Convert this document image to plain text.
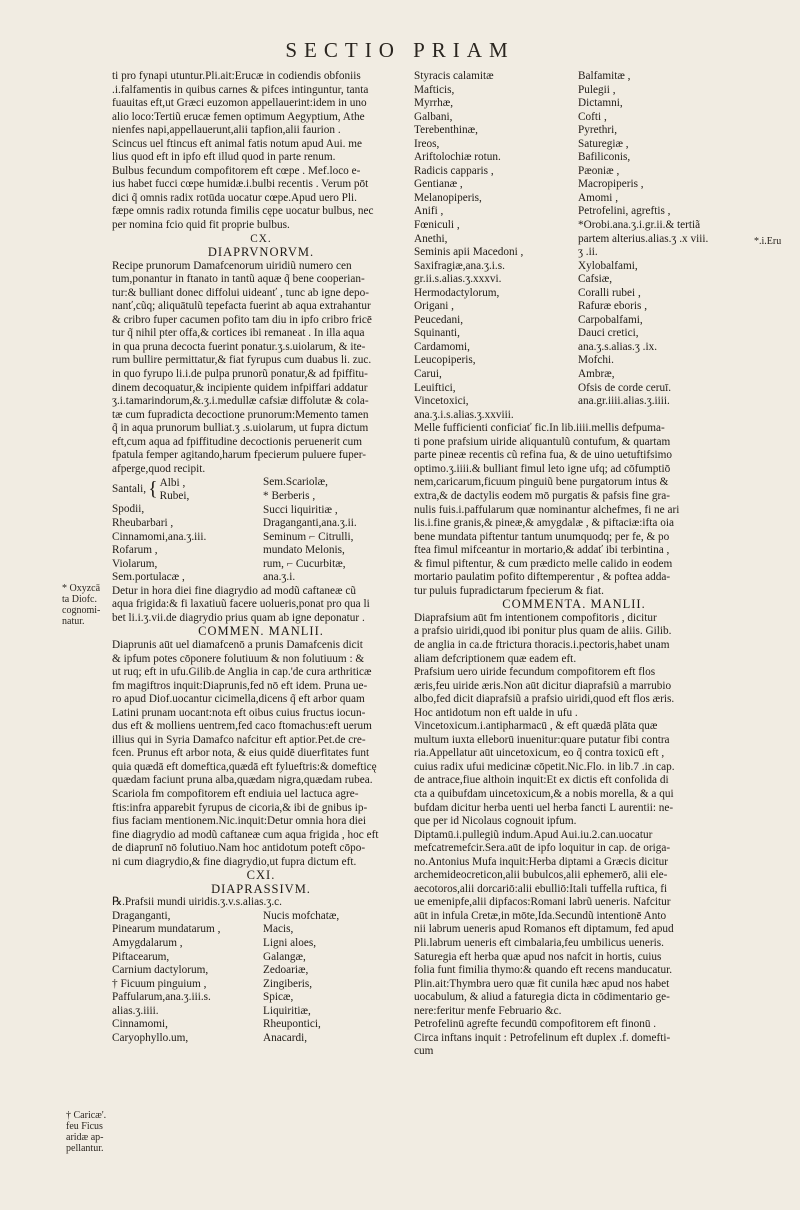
SECTIO PRIAM
ti pro fynapi utuntur.Pli.ait:Erucæ in codiendis obfoniis
.i.falfamentis in quibus carnes & pifces intinguntur, tanta
fuauitas eft,ut Græci euzomon appellauerint:idem in uno
alio loco:Tertiũ erucæ femen optimum Aegyptium, Athe
nienfes napi,appellauerunt,alii tapfion,alii faurion .
Scincus uel ftincus eft animal fatis notum apud Aui. me
lius quod eft in ipfo eft illud quod in parte renum.
Bulbus fecundum compofitorem eft cœpe . Mef.loco e-
ius habet fucci cœpe humidæ.i.bulbi recentis . Verum pōt
dici q̃ omnis radix rotūda uocatur cœpe.Apud uero Pli.
fæpe omnis radix rotunda fimilis cępe uocatur bulbus, nec
per nomina fcio quid fit proprie bulbus.
CX.
DIAPRVNORVM.
Recipe prunorum Damafcenorum uiridiũ numero cen
tum,ponantur in ftanato in tantũ aquæ q̃ bene cooperian-
tur:& bulliant donec diffolui uideanť , tunc ab igne depo-
nanť,cũq; aliquātulũ tepefacta fuerint ab aqua extrahantur
& cribro fuper cacumen pofito tam diu in ipfo cribro fricē
tur q̃ nihil pter offa,& cortices ibi remaneat . In illa aqua
in qua pruna decocta fuerint ponatur.ʒ.s.uiolarum, & ite-
rum bullire permittatur,& fiat fyrupus cum duabus li. zuc.
in quo fyrupo li.i.de pulpa prunorũ ponatur,& ad fpiffitu-
dinem decoquatur,& incipiente quidem infpiffari addatur
ʒ.i.tamarindorum,&.ʒ.i.medullæ cafsiæ diffolutæ & cola-
tæ cum fupradicta decoctione prunorum:Memento tamen
q̃ in aqua prunorum bulliat.ʒ .s.uiolarum, ut fupra dictum
eft,cum aqua ad fpiffitudine decoctionis peruenerit cum
fpatula femper agitando,harum fpecierum puluere fuper-
afperge,quod recipit.
Santali, { Albi ,
Rubei,
Spodii,
Rheubarbari ,
Cinnamomi,ana.ʒ.iii.
Rofarum ,
Violarum,
Sem.portulacæ ,
Sem.Scariolæ,
* Berberis ,
Succi liquiritiæ ,
Draganganti,ana.ʒ.ii.
Seminum ⌐ Citrulli,
mundato Melonis,
rum, ⌐ Cucurbitæ,
ana.ʒ.i.
Detur in hora diei fine diagrydio ad modũ caftaneæ cũ
aqua frigida:& fi laxatiuũ facere uolueris,ponat pro qua li
bet li.i.ʒ.vii.de diagrydio prius quam ab igne deponatur .
COMMEN. MANLII.
Diaprunis aūt uel diamafcenō a prunis Damafcenis dicit
& ipfum potes cōponere folutiuum & non folutiuum : &
ut ruq; eft in ufu.Gilib.de Anglia in cap.'de cura arthriticæ
fm magiftros inquit:Diaprunis,fed nō eft idem. Pruna ue-
ro apud Diof.uocantur cicimella,dicens q̃ eft arbor quam
Latini prunam uocant:nota eft oibus cuius fructus iocun-
dus eft & molliens uentrem,fed caco ftomachus:eft uerum
illius qui in Syria Damafco nafcitur eft aptior.Pet.de cre-
fcen. Prunus eft arbor nota, & eius quidē diuerfitates funt
quia quædā eft domeftica,quædā eft fylueftris:& domefticę
quædam faciunt pruna alba,quædam nigra,quædam rubea.
Scariola fm compofitorem eft endiuia uel lactuca agre-
ftis:infra apparebit fyrupus de cicoria,& ibi de gnibus ip-
fius faciam mentionem.Nic.inquit:Detur omnia hora diei
fine diagrydio ad modũ caftaneæ cum aqua frigida , hoc eft
de diaprunī nō folutiuo.Nam hoc antidotum poteft cōpo-
ni cum diagrydio,& fine diagrydio,ut fupra dictum eft.
CXI.
DIAPRASSIVM.
℞.Prafsii mundi uiridis.ʒ.v.s.alias.ʒ.c.
Draganganti,
Pinearum mundatarum ,
Amygdalarum ,
Piftacearum,
Carnium dactylorum,
† Ficuum pinguium ,
Paffularum,ana.ʒ.iii.s.
alias.ʒ.iiii.
Cinnamomi,
Caryophyllo.um,
Nucis mofchatæ,
Macis,
Ligni aloes,
Galangæ,
Zedoariæ,
Zingiberis,
Spicæ,
Liquiritiæ,
Rheupontici,
Anacardi,
Styracis calamitæ
Mafticis,
Myrrhæ,
Galbani,
Terebenthinæ,
Ireos,
Ariftolochiæ rotun.
Radicis capparis ,
Gentianæ ,
Melanopiperis,
Anifi ,
Fœniculi ,
Anethi,
Seminis apii Macedoni ,
Saxifragiæ,ana.ʒ.i.s.
gr.ii.s.alias.ʒ.xxxvi.
Hermodactylorum,
Origani ,
Peucedani,
Squinanti,
Cardamomi,
Leucopiperis,
Carui,
Leuiftici,
Vincetoxici,
Balfamitæ ,
Pulegii ,
Dictamni,
Cofti ,
Pyrethri,
Saturegiæ ,
Bafiliconis,
Pæoniæ ,
Macropiperis ,
Amomi ,
Petrofelini, agreftis ,
*Orobi.ana.ʒ.i.gr.ii.& tertiã
partem alterius.alias.ʒ .x viii.
ʒ .ii.
Xylobalfami,
Cafsiæ,
Coralli rubei ,
Rafuræ eboris ,
Carpobalfami,
Dauci cretici,
ana.ʒ.s.alias.ʒ .ix.
Mofchi.
Ambræ,
Ofsis de corde ceruī.
ana.gr.iiii.alias.ʒ.iiii.
ana.ʒ.i.s.alias.ʒ.xxviii.
Melle fufficienti conficiať fic.In lib.iiii.mellis defpuma-
ti pone prafsium uiride aliquantulũ contufum, & quartam
parte pineæ recentis cũ refina fua, & de uino uetuftifsimo
optimo.ʒ.iiii.& bulliant fimul leto igne ufq; ad cōfumptiō
nem,caricarum,ficuum pinguiũ bene purgatorum intus &
extra,& de dactylis eodem mō purgatis & pafsis fine gra-
nulis fuis.i.paffularum quæ nominantur alchefmes, fi ne ari
lis.i.fine granis,& pineæ,& amygdalæ , & piftaciæ:ifta oia
bene mundata piftentur tantum unumquodq; per fe, & po
ftea fimul mifceantur in mortario,& addať ibi terbintina ,
& fimul piftentur, & cum prædicto melle calido in eodem
mortario paulatim pofito diftemperentur , & poftea adda-
tur puluis fupradictarum fpecierum & fiat.
COMMENTA. MANLII.
Diaprafsium aūt fm intentionem compofitoris , dicitur
a prafsio uiridi,quod ibi ponitur plus quam de aliis. Gilib.
de anglia in ca.de ftrictura thoracis.i.pectoris,habet unam
aliam defcriptionem quæ eadem eft.
Prafsium uero uiride fecundum compofitorem eft flos
æris,feu uiride æris.Non aūt dicitur diaprafsiũ a marrubio
albo,fed dicit diaprafsiũ a prafsio uiridi,quod eft flos æris.
Hoc antidotum non eft ualde in ufu .
Vincetoxicum.i.antipharmacū , & eft quædā plāta quæ
multum iuxta elleborū inuenitur:quare putatur fibi contra
ria.Appellatur aūt uincetoxicum, eo q̃ contra toxicū eft ,
cuius radix ufui medicinæ cōpetit.Nic.Flo. in lib.7 .in cap.
de antrace,fiue althoin inquit:Et ex dictis eft confolida di
cta a quibufdam uincetoxicum,& a nobis morella, & a qui
bufdam dicitur herba uenti uel herba fancti L aurentii: ne-
que per id Nicolaus cognouit ipfum.
Diptamū.i.pullegiũ indum.Apud Aui.iu.2.can.uocatur
mefcatremefcir.Sera.aūt de ipfo loquitur in cap. de origa-
no.Antonius Mufa inquit:Herba diptami a Græcis dicitur
archemideocreticon,alii bubulcos,alii ephemerō, alii ele-
aecotoros,alii dorcariō:alii ebulliō:Itali tuffella ruftica, fi
ue emenipfe,alii dipfacos:Romani labrũ ueneris. Nafcitur
aūt in infula Cretæ,in mōte,Ida.Secundũ intentionē Anto
nii labrum ueneris apud Romanos eft diptamum, fed apud
Pli.labrum ueneris eft cimbalaria,feu umbilicus ueneris.
Saturegia eft herba quæ apud nos nafcit in hortis, cuius
folia funt fimilia thymo:& quando eft recens manducatur.
Plin.ait:Thymbra uero quæ fit cunila hæc apud nos habet
uocabulum, & aliud a faturegia dicta in cōdimentario ge-
nere:feritur menfe Februario &c.
Petrofelinū agrefte fecundū compofitorem eft finonū .
Circa inftans inquit : Petrofelinum eft duplex .f. domefti-
cum
* Oxyzcā
ta Diofc.
cognomi-
natur.
† Caricæ'.
feu Ficus
aridæ ap-
pellantur.
*.i.Eru
